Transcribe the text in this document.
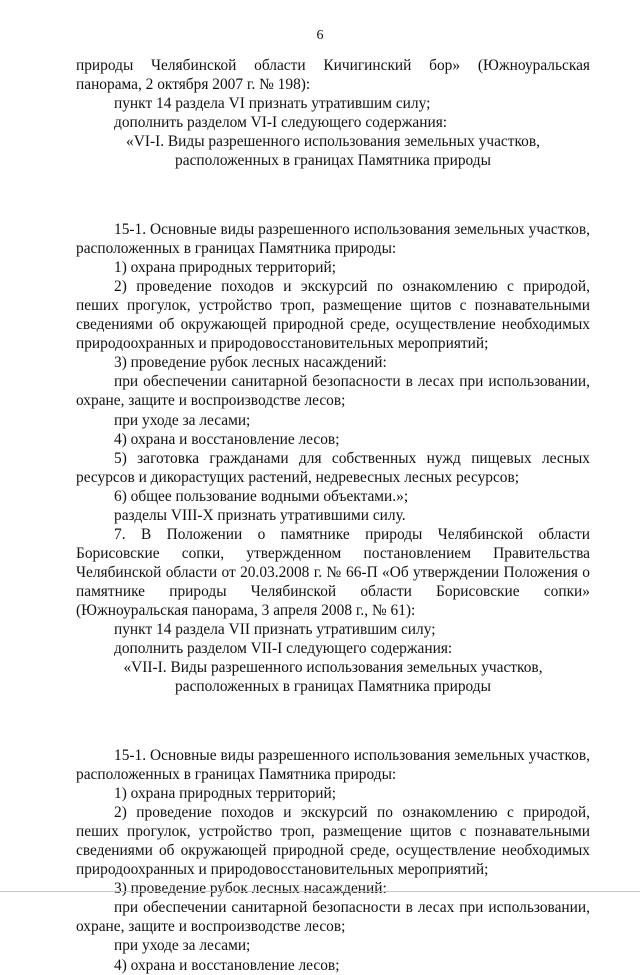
6

природы Челябинской области Кичигинский бор» (Южноуральская панорама, 2 октября 2007 г. № 198):

пункт 14 раздела VI признать утратившим силу;

дополнить разделом VI-I следующего содержания:

«VI-I. Виды разрешенного использования земельных участков,

расположенных в границах Памятника природы

15-1. Основные виды разрешенного использования земельных участков, расположенных в границах Памятника природы:

1) охрана природных территорий;

2) проведение походов и экскурсий по ознакомлению с природой, пеших прогулок, устройство троп, размещение щитов с познавательными сведениями об окружающей природной среде, осуществление необходимых природоохранных и природовосстановительных мероприятий;

3) проведение рубок лесных насаждений:

при обеспечении санитарной безопасности в лесах при использовании, охране, защите и воспроизводстве лесов;

при уходе за лесами;

4) охрана и восстановление лесов;

5) заготовка гражданами для собственных нужд пищевых лесных ресурсов и дикорастущих растений, недревесных лесных ресурсов;

6) общее пользование водными объектами.»;

разделы VIII-X признать утратившими силу.

7. В Положении о памятнике природы Челябинской области Борисовские сопки, утвержденном постановлением Правительства Челябинской области от 20.03.2008 г. № 66-П «Об утверждении Положения о памятнике природы Челябинской области Борисовские сопки» (Южноуральская панорама, 3 апреля 2008 г., № 61):

пункт 14 раздела VII признать утратившим силу;

дополнить разделом VII-I следующего содержания:

«VII-I. Виды разрешенного использования земельных участков,

расположенных в границах Памятника природы

15-1. Основные виды разрешенного использования земельных участков, расположенных в границах Памятника природы:

1) охрана природных территорий;

2) проведение походов и экскурсий по ознакомлению с природой, пеших прогулок, устройство троп, размещение щитов с познавательными сведениями об окружающей природной среде, осуществление необходимых природоохранных и природовосстановительных мероприятий;

3) проведение рубок лесных насаждений:

при обеспечении санитарной безопасности в лесах при использовании, охране, защите и воспроизводстве лесов;

при уходе за лесами;

4) охрана и восстановление лесов;
